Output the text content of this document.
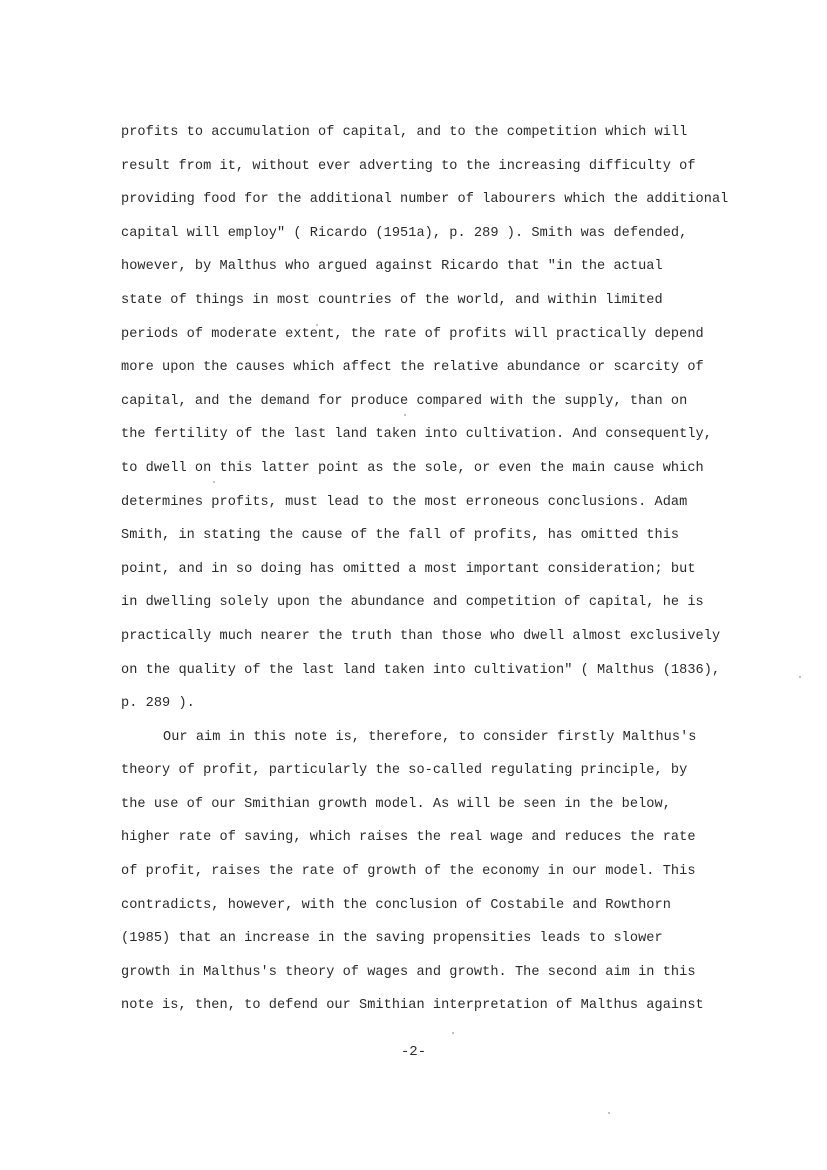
profits to accumulation of capital, and to the competition which will
result from it, without ever adverting to the increasing difficulty of
providing food for the additional number of labourers which the additional
capital will employ" ( Ricardo (1951a), p. 289 ). Smith was defended,
however, by Malthus who argued against Ricardo that "in the actual
state of things in most countries of the world, and within limited
periods of moderate extent, the rate of profits will practically depend
more upon the causes which affect the relative abundance or scarcity of
capital, and the demand for produce compared with the supply, than on
the fertility of the last land taken into cultivation. And consequently,
to dwell on this latter point as the sole, or even the main cause which
determines profits, must lead to the most erroneous conclusions. Adam
Smith, in stating the cause of the fall of profits, has omitted this
point, and in so doing has omitted a most important consideration; but
in dwelling solely upon the abundance and competition of capital, he is
practically much nearer the truth than those who dwell almost exclusively
on the quality of the last land taken into cultivation" ( Malthus (1836),
p. 289 ).
Our aim in this note is, therefore, to consider firstly Malthus's
theory of profit, particularly the so-called regulating principle, by
the use of our Smithian growth model. As will be seen in the below,
higher rate of saving, which raises the real wage and reduces the rate
of profit, raises the rate of growth of the economy in our model. This
contradicts, however, with the conclusion of Costabile and Rowthorn
(1985) that an increase in the saving propensities leads to slower
growth in Malthus's theory of wages and growth. The second aim in this
note is, then, to defend our Smithian interpretation of Malthus against
-2-
